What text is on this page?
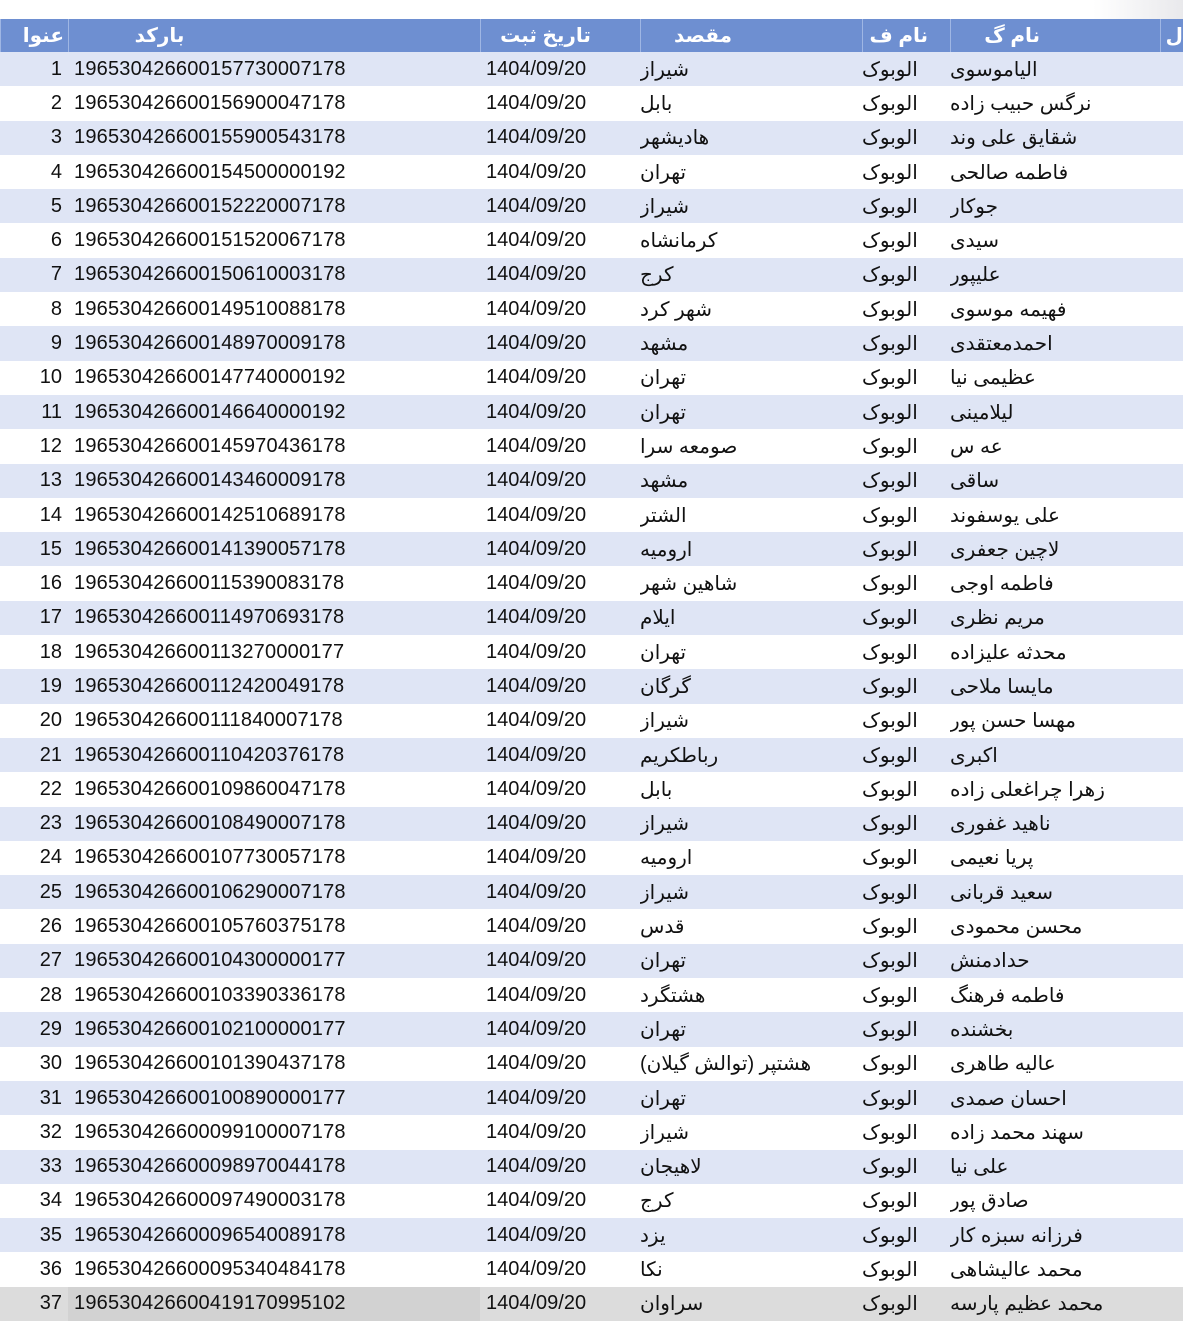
عنوا	بارکد	تاریخ ثبت	مقصد	نام ف	نام گ	ل
1 196530426600157730007178	1404/09/20	شیراز	الوبوک	الیاموسوی
2 196530426600156900047178	1404/09/20	بابل	الوبوک	نرگس حبیب زاده
3 196530426600155900543178	1404/09/20	هادیشهر	الوبوک	شقایق علی وند
4 196530426600154500000192	1404/09/20	تهران	الوبوک	فاطمه صالحی
5 196530426600152220007178	1404/09/20	شیراز	الوبوک	جوکار
6 196530426600151520067178	1404/09/20	کرمانشاه	الوبوک	سیدی
7 196530426600150610003178	1404/09/20	کرج	الوبوک	علیپور
8 196530426600149510088178	1404/09/20	شهر کرد	الوبوک	فهیمه موسوی
9 196530426600148970009178	1404/09/20	مشهد	الوبوک	احمدمعتقدی
10 196530426600147740000192	1404/09/20	تهران	الوبوک	عظیمی نیا
11 196530426600146640000192	1404/09/20	تهران	الوبوک	لیلامینی
12 196530426600145970436178	1404/09/20	صومعه سرا	الوبوک	عه س
13 196530426600143460009178	1404/09/20	مشهد	الوبوک	ساقی
14 196530426600142510689178	1404/09/20	الشتر	الوبوک	علی یوسفوند
15 196530426600141390057178	1404/09/20	ارومیه	الوبوک	لاچین جعفری
16 196530426600115390083178	1404/09/20	شاهین شهر	الوبوک	فاطمه اوجی
17 196530426600114970693178	1404/09/20	ایلام	الوبوک	مریم نظری
18 196530426600113270000177	1404/09/20	تهران	الوبوک	محدثه علیزاده
19 196530426600112420049178	1404/09/20	گرگان	الوبوک	مایسا ملاحی
20 196530426600111840007178	1404/09/20	شیراز	الوبوک	مهسا حسن پور
21 196530426600110420376178	1404/09/20	رباطکریم	الوبوک	اکبری
22 196530426600109860047178	1404/09/20	بابل	الوبوک	زهرا چراغعلی زاده
23 196530426600108490007178	1404/09/20	شیراز	الوبوک	ناهید غفوری
24 196530426600107730057178	1404/09/20	ارومیه	الوبوک	پریا نعیمی
25 196530426600106290007178	1404/09/20	شیراز	الوبوک	سعید قربانی
26 196530426600105760375178	1404/09/20	قدس	الوبوک	محسن محمودی
27 196530426600104300000177	1404/09/20	تهران	الوبوک	حدادمنش
28 196530426600103390336178	1404/09/20	هشتگرد	الوبوک	فاطمه فرهنگ
29 196530426600102100000177	1404/09/20	تهران	الوبوک	بخشنده
30 196530426600101390437178	1404/09/20	هشتپر (توالش گیلان)	الوبوک	عالیه طاهری
31 196530426600100890000177	1404/09/20	تهران	الوبوک	احسان صمدی
32 196530426600099100007178	1404/09/20	شیراز	الوبوک	سهند محمد زاده
33 196530426600098970044178	1404/09/20	لاهیجان	الوبوک	علی نیا
34 196530426600097490003178	1404/09/20	کرج	الوبوک	صادق پور
35 196530426600096540089178	1404/09/20	یزد	الوبوک	فرزانه سبزه کار
36 196530426600095340484178	1404/09/20	نکا	الوبوک	محمد عالیشاهی
37 196530426600419170995102	1404/09/20	سراوان	الوبوک	محمد عظیم پارسه
